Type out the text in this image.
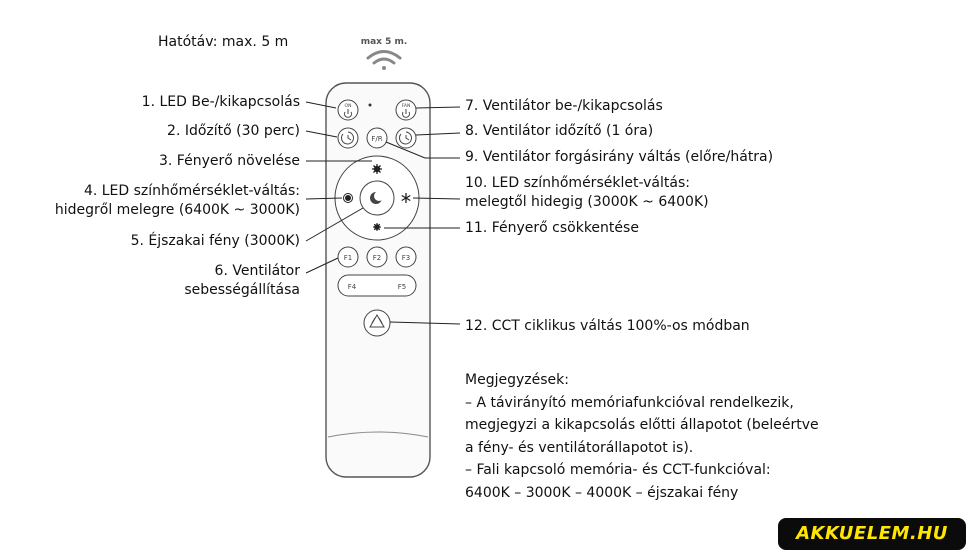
max 5 m.
ON	FAN
F/R
F1	F2	F3
F4	F5
Hatótáv: max. 5 m
1. LED Be-/kikapcsolás
2. Időzítő (30 perc)
3. Fényerő növelése
4. LED színhőmérséklet-váltás:
hidegről melegre (6400K ~ 3000K)
5. Éjszakai fény (3000K)
6. Ventilátor
sebességállítása
7. Ventilátor be-/kikapcsolás
8. Ventilátor időzítő (1 óra)
9. Ventilátor forgásirány váltás (előre/hátra)
10. LED színhőmérséklet-váltás:
melegtől hidegig (3000K ~ 6400K)
11. Fényerő csökkentése
12. CCT ciklikus váltás 100%-os módban
Megjegyzések:
– A távirányító memóriafunkcióval rendelkezik,
megjegyzi a kikapcsolás előtti állapotot (beleértve
a fény- és ventilátorállapotot is).
– Fali kapcsoló memória- és CCT-funkcióval:
6400K – 3000K – 4000K – éjszakai fény
AKKUELEM.HU
